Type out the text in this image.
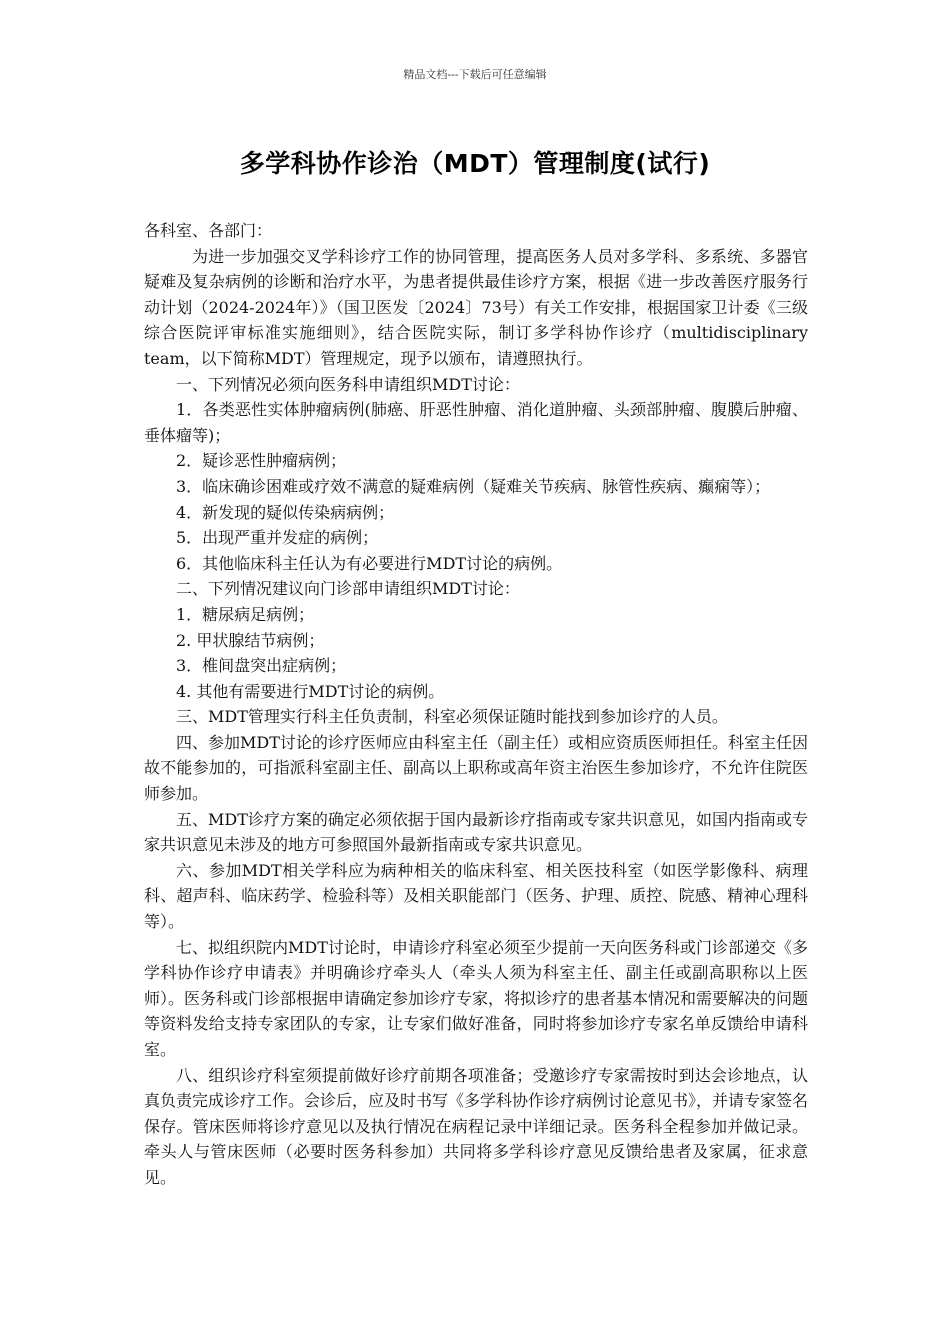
精品文档---下载后可任意编辑
多学科协作诊治（MDT）管理制度(试行)

各科室、各部门：

为进一步加强交叉学科诊疗工作的协同管理，提高医务人员对多学科、多系统、多器官疑难及复杂病例的诊断和治疗水平，为患者提供最佳诊疗方案，根据《进一步改善医疗服务行动计划（2024-2024年）》（国卫医发〔2024〕73号）有关工作安排，根据国家卫计委《三级综合医院评审标准实施细则》，结合医院实际，制订多学科协作诊疗（multidisciplinary team，以下简称MDT）管理规定，现予以颁布，请遵照执行。

一、下列情况必须向医务科申请组织MDT讨论：

1．各类恶性实体肿瘤病例(肺癌、肝恶性肿瘤、消化道肿瘤、头颈部肿瘤、腹膜后肿瘤、垂体瘤等)；

2．疑诊恶性肿瘤病例；

3．临床确诊困难或疗效不满意的疑难病例（疑难关节疾病、脉管性疾病、癫痫等）；

4．新发现的疑似传染病病例；

5．出现严重并发症的病例；

6．其他临床科主任认为有必要进行MDT讨论的病例。

二、下列情况建议向门诊部申请组织MDT讨论：

1．糖尿病足病例；

2. 甲状腺结节病例；

3．椎间盘突出症病例；

4. 其他有需要进行MDT讨论的病例。

三、MDT管理实行科主任负责制，科室必须保证随时能找到参加诊疗的人员。

四、参加MDT讨论的诊疗医师应由科室主任（副主任）或相应资质医师担任。科室主任因故不能参加的，可指派科室副主任、副高以上职称或高年资主治医生参加诊疗，不允许住院医师参加。

五、MDT诊疗方案的确定必须依据于国内最新诊疗指南或专家共识意见，如国内指南或专家共识意见未涉及的地方可参照国外最新指南或专家共识意见。

六、参加MDT相关学科应为病种相关的临床科室、相关医技科室（如医学影像科、病理科、超声科、临床药学、检验科等）及相关职能部门（医务、护理、质控、院感、精神心理科等）。

七、拟组织院内MDT讨论时，申请诊疗科室必须至少提前一天向医务科或门诊部递交《多学科协作诊疗申请表》并明确诊疗牵头人（牵头人须为科室主任、副主任或副高职称以上医师）。医务科或门诊部根据申请确定参加诊疗专家，将拟诊疗的患者基本情况和需要解决的问题等资料发给支持专家团队的专家，让专家们做好准备，同时将参加诊疗专家名单反馈给申请科室。

八、组织诊疗科室须提前做好诊疗前期各项准备；受邀诊疗专家需按时到达会诊地点，认真负责完成诊疗工作。会诊后，应及时书写《多学科协作诊疗病例讨论意见书》，并请专家签名保存。管床医师将诊疗意见以及执行情况在病程记录中详细记录。医务科全程参加并做记录。牵头人与管床医师（必要时医务科参加）共同将多学科诊疗意见反馈给患者及家属，征求意见。
